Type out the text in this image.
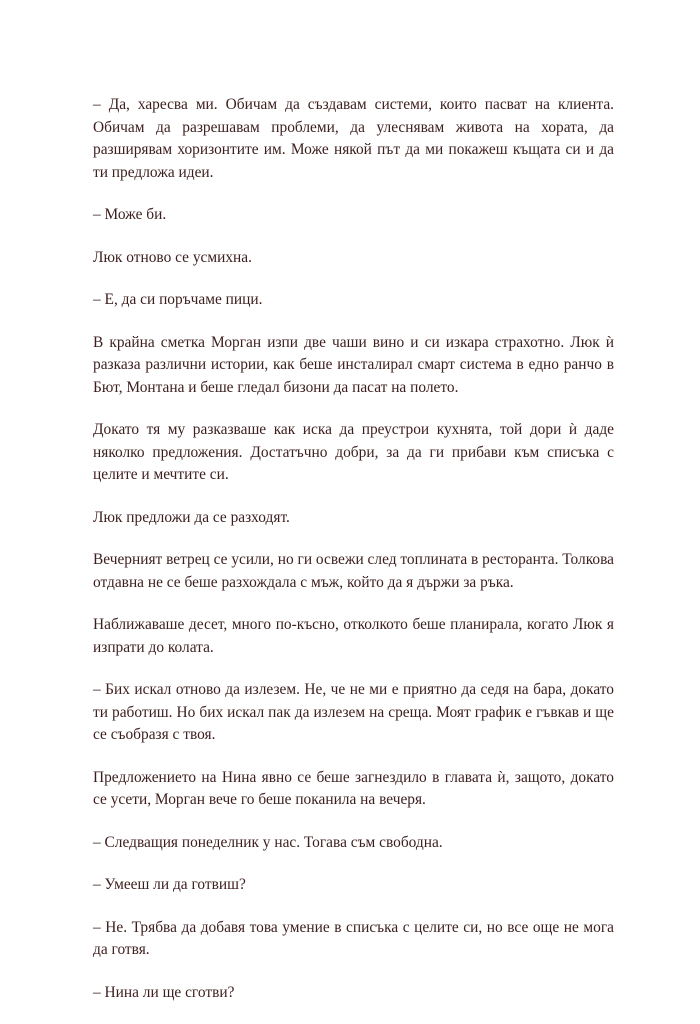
– Да, харесва ми. Обичам да създавам системи, които пасват на клиента. Обичам да разрешавам проблеми, да улеснявам живота на хората, да разширявам хоризонтите им. Може някой път да ми покажеш къщата си и да ти предложа идеи.

– Може би.

Люк отново се усмихна.

– Е, да си поръчаме пици.

В крайна сметка Морган изпи две чаши вино и си изкара страхотно. Люк ѝ разказа различни истории, как беше инсталирал смарт система в едно ранчо в Бют, Монтана и беше гледал бизони да пасат на полето.

Докато тя му разказваше как иска да преустрои кухнята, той дори ѝ даде няколко предложения. Достатъчно добри, за да ги прибави към списъка с целите и мечтите си.

Люк предложи да се разходят.

Вечерният ветрец се усили, но ги освежи след топлината в ресторанта. Толкова отдавна не се беше разхождала с мъж, който да я държи за ръка.

Наближаваше десет, много по-късно, отколкото беше планирала, когато Люк я изпрати до колата.

– Бих искал отново да излезем. Не, че не ми е приятно да седя на бара, докато ти работиш. Но бих искал пак да излезем на среща. Моят график е гъвкав и ще се съобразя с твоя.

Предложението на Нина явно се беше загнездило в главата ѝ, защото, докато се усети, Морган вече го беше поканила на вечеря.

– Следващия понеделник у нас. Тогава съм свободна.

– Умееш ли да готвиш?

– Не. Трябва да добавя това умение в списъка с целите си, но все още не мога да готвя.

– Нина ли ще сготви?
